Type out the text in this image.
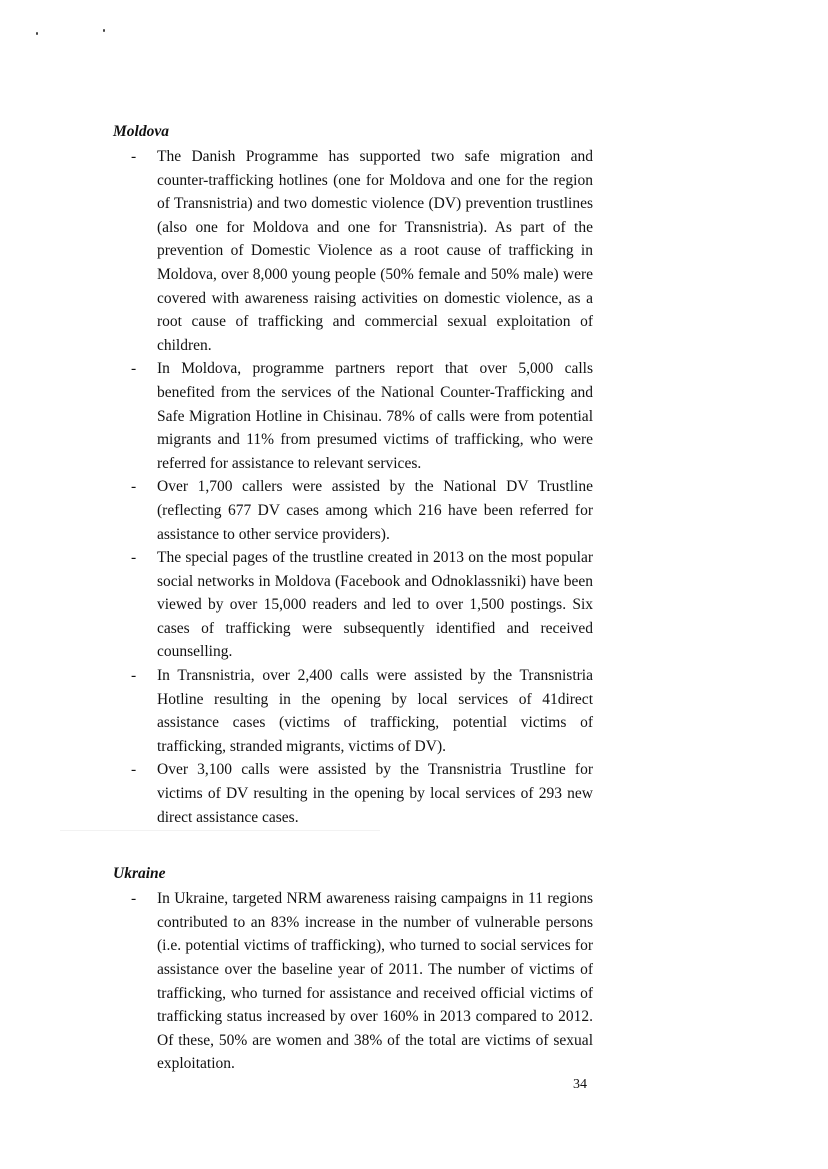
Moldova
- The Danish Programme has supported two safe migration and counter-trafficking hotlines (one for Moldova and one for the region of Transnistria) and two domestic violence (DV) prevention trustlines (also one for Moldova and one for Transnistria). As part of the prevention of Domestic Violence as a root cause of trafficking in Moldova, over 8,000 young people (50% female and 50% male) were covered with awareness raising activities on domestic violence, as a root cause of trafficking and commercial sexual exploitation of children.
- In Moldova, programme partners report that over 5,000 calls benefited from the services of the National Counter-Trafficking and Safe Migration Hotline in Chisinau. 78% of calls were from potential migrants and 11% from presumed victims of trafficking, who were referred for assistance to relevant services.
- Over 1,700 callers were assisted by the National DV Trustline (reflecting 677 DV cases among which 216 have been referred for assistance to other service providers).
- The special pages of the trustline created in 2013 on the most popular social networks in Moldova (Facebook and Odnoklassniki) have been viewed by over 15,000 readers and led to over 1,500 postings. Six cases of trafficking were subsequently identified and received counselling.
- In Transnistria, over 2,400 calls were assisted by the Transnistria Hotline resulting in the opening by local services of 41direct assistance cases (victims of trafficking, potential victims of trafficking, stranded migrants, victims of DV).
- Over 3,100 calls were assisted by the Transnistria Trustline for victims of DV resulting in the opening by local services of 293 new direct assistance cases.
Ukraine
- In Ukraine, targeted NRM awareness raising campaigns in 11 regions contributed to an 83% increase in the number of vulnerable persons (i.e. potential victims of trafficking), who turned to social services for assistance over the baseline year of 2011. The number of victims of trafficking, who turned for assistance and received official victims of trafficking status increased by over 160% in 2013 compared to 2012. Of these, 50% are women and 38% of the total are victims of sexual exploitation.
34
